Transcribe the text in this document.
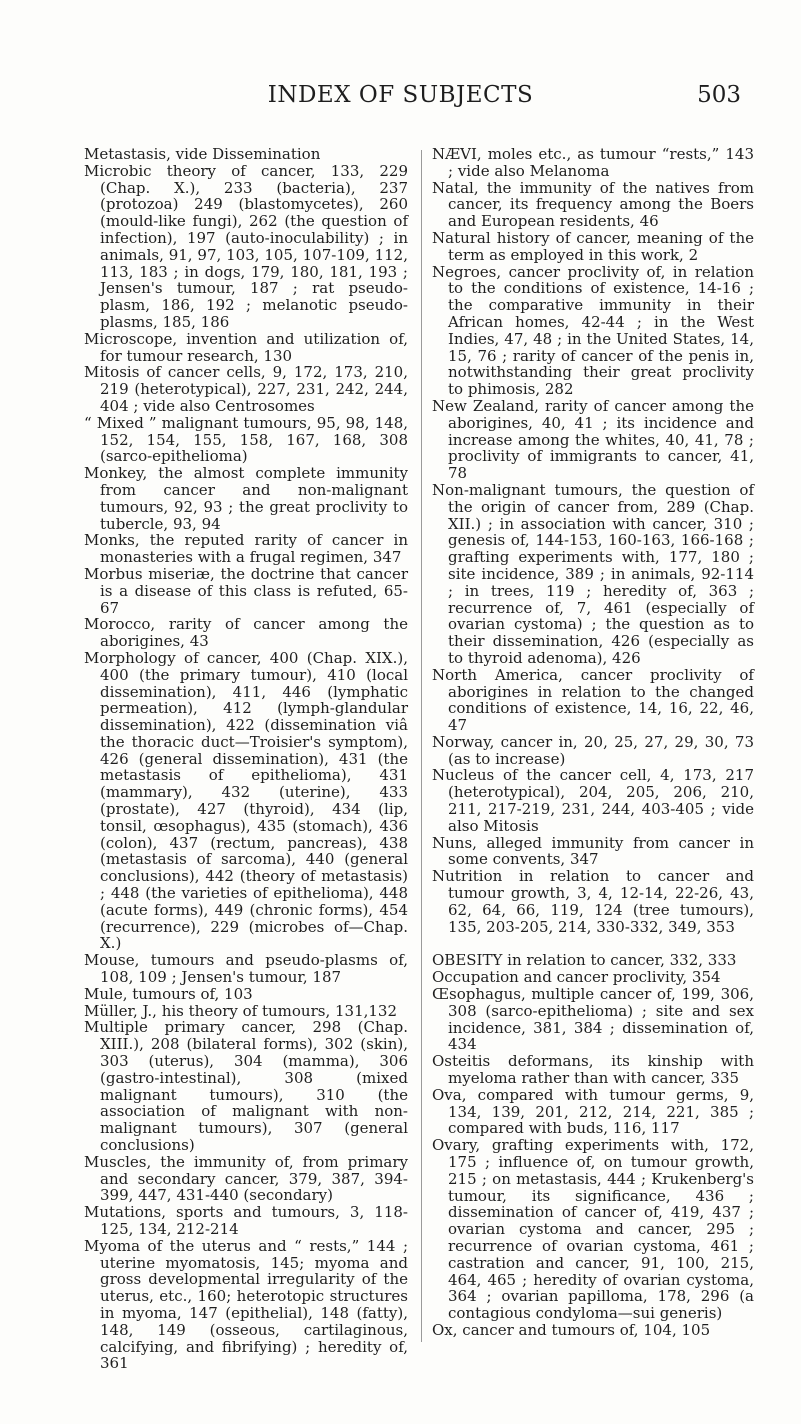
INDEX OF SUBJECTS	503

Metastasis, vide Dissemination

Microbic theory of cancer, 133, 229 (Chap. X.), 233 (bacteria), 237 (protozoa) 249 (blastomycetes), 260 (mould-like fungi), 262 (the question of infection), 197 (auto-inoculability) ; in animals, 91, 97, 103, 105, 107-109, 112, 113, 183 ; in dogs, 179, 180, 181, 193 ; Jensen's tumour, 187 ; rat pseudo-plasm, 186, 192 ; melanotic pseudo-plasms, 185, 186

Microscope, invention and utilization of, for tumour research, 130

Mitosis of cancer cells, 9, 172, 173, 210, 219 (heterotypical), 227, 231, 242, 244, 404 ; vide also Centrosomes

“ Mixed ” malignant tumours, 95, 98, 148, 152, 154, 155, 158, 167, 168, 308 (sarco-epithelioma)

Monkey, the almost complete immunity from cancer and non-malignant tumours, 92, 93 ; the great proclivity to tubercle, 93, 94

Monks, the reputed rarity of cancer in monasteries with a frugal regimen, 347

Morbus miseriæ, the doctrine that cancer is a disease of this class is refuted, 65-67

Morocco, rarity of cancer among the aborigines, 43

Morphology of cancer, 400 (Chap. XIX.), 400 (the primary tumour), 410 (local dissemination), 411, 446 (lymphatic permeation), 412 (lymph-glandular dissemination), 422 (dissemination viâ the thoracic duct—Troisier's symptom), 426 (general dissemination), 431 (the metastasis of epithelioma), 431 (mammary), 432 (uterine), 433 (prostate), 427 (thyroid), 434 (lip, tonsil, œsophagus), 435 (stomach), 436 (colon), 437 (rectum, pancreas), 438 (metastasis of sarcoma), 440 (general conclusions), 442 (theory of metastasis) ; 448 (the varieties of epithelioma), 448 (acute forms), 449 (chronic forms), 454 (recurrence), 229 (microbes of—Chap. X.)

Mouse, tumours and pseudo-plasms of, 108, 109 ; Jensen's tumour, 187

Mule, tumours of, 103

Müller, J., his theory of tumours, 131,132

Multiple primary cancer, 298 (Chap. XIII.), 208 (bilateral forms), 302 (skin), 303 (uterus), 304 (mamma), 306 (gastro-intestinal), 308 (mixed malignant tumours), 310 (the association of malignant with non-malignant tumours), 307 (general conclusions)

Muscles, the immunity of, from primary and secondary cancer, 379, 387, 394-399, 447, 431-440 (secondary)

Mutations, sports and tumours, 3, 118-125, 134, 212-214

Myoma of the uterus and “ rests,” 144 ; uterine myomatosis, 145; myoma and gross developmental irregularity of the uterus, etc., 160; heterotopic structures in myoma, 147 (epithelial), 148 (fatty), 148, 149 (osseous, cartilaginous, calcifying, and fibrifying) ; heredity of, 361

NÆVI, moles etc., as tumour “rests,” 143 ; vide also Melanoma

Natal, the immunity of the natives from cancer, its frequency among the Boers and European residents, 46

Natural history of cancer, meaning of the term as employed in this work, 2

Negroes, cancer proclivity of, in relation to the conditions of existence, 14-16 ; the comparative immunity in their African homes, 42-44 ; in the West Indies, 47, 48 ; in the United States, 14, 15, 76 ; rarity of cancer of the penis in, notwithstanding their great proclivity to phimosis, 282

New Zealand, rarity of cancer among the aborigines, 40, 41 ; its incidence and increase among the whites, 40, 41, 78 ; proclivity of immigrants to cancer, 41, 78

Non-malignant tumours, the question of the origin of cancer from, 289 (Chap. XII.) ; in association with cancer, 310 ; genesis of, 144-153, 160-163, 166-168 ; grafting experiments with, 177, 180 ; site incidence, 389 ; in animals, 92-114 ; in trees, 119 ; heredity of, 363 ; recurrence of, 7, 461 (especially of ovarian cystoma) ; the question as to their dissemination, 426 (especially as to thyroid adenoma), 426

North America, cancer proclivity of aborigines in relation to the changed conditions of existence, 14, 16, 22, 46, 47

Norway, cancer in, 20, 25, 27, 29, 30, 73 (as to increase)

Nucleus of the cancer cell, 4, 173, 217 (heterotypical), 204, 205, 206, 210, 211, 217-219, 231, 244, 403-405 ; vide also Mitosis

Nuns, alleged immunity from cancer in some convents, 347

Nutrition in relation to cancer and tumour growth, 3, 4, 12-14, 22-26, 43, 62, 64, 66, 119, 124 (tree tumours), 135, 203-205, 214, 330-332, 349, 353

OBESITY in relation to cancer, 332, 333

Occupation and cancer proclivity, 354

Œsophagus, multiple cancer of, 199, 306, 308 (sarco-epithelioma) ; site and sex incidence, 381, 384 ; dissemination of, 434

Osteitis deformans, its kinship with myeloma rather than with cancer, 335

Ova, compared with tumour germs, 9, 134, 139, 201, 212, 214, 221, 385 ; compared with buds, 116, 117

Ovary, grafting experiments with, 172, 175 ; influence of, on tumour growth, 215 ; on metastasis, 444 ; Krukenberg's tumour, its significance, 436 ; dissemination of cancer of, 419, 437 ; ovarian cystoma and cancer, 295 ; recurrence of ovarian cystoma, 461 ; castration and cancer, 91, 100, 215, 464, 465 ; heredity of ovarian cystoma, 364 ; ovarian papilloma, 178, 296 (a contagious condyloma—sui generis)

Ox, cancer and tumours of, 104, 105
